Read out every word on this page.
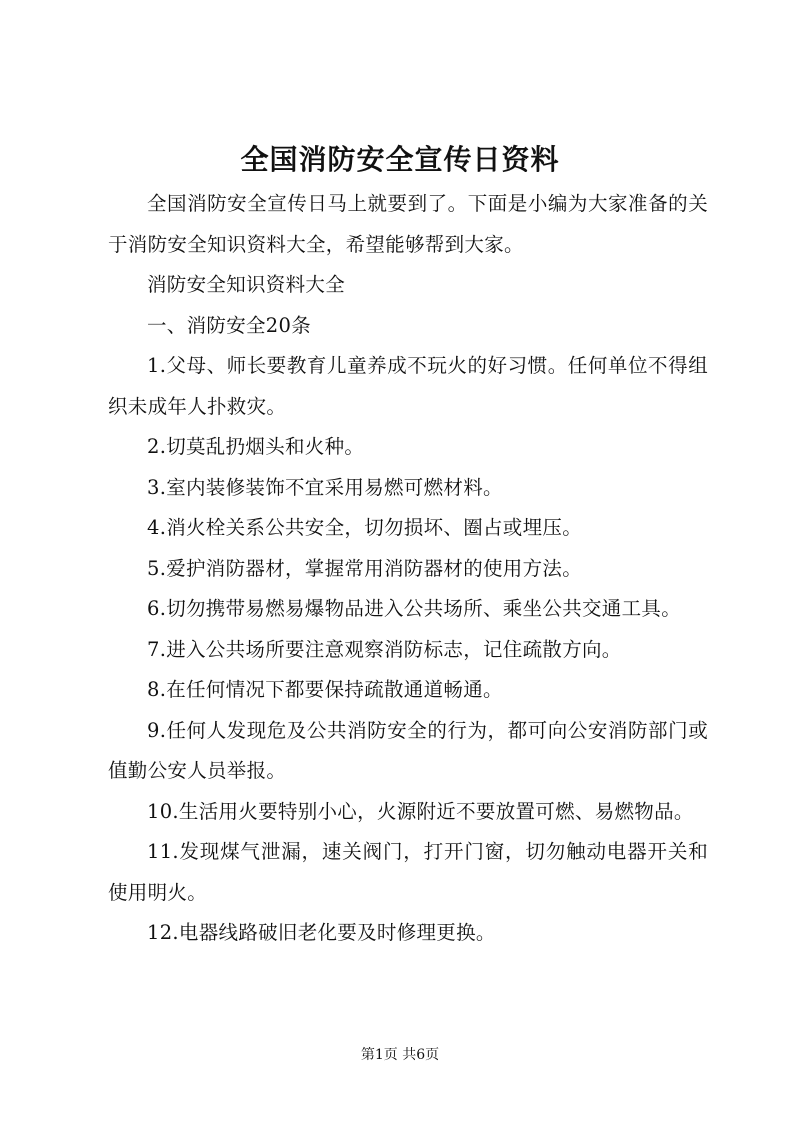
全国消防安全宣传日资料

全国消防安全宣传日马上就要到了。下面是小编为大家准备的关于消防安全知识资料大全，希望能够帮到大家。

消防安全知识资料大全

一、消防安全20条

1.父母、师长要教育儿童养成不玩火的好习惯。任何单位不得组织未成年人扑救灾。

2.切莫乱扔烟头和火种。

3.室内装修装饰不宜采用易燃可燃材料。

4.消火栓关系公共安全，切勿损坏、圈占或埋压。

5.爱护消防器材，掌握常用消防器材的使用方法。

6.切勿携带易燃易爆物品进入公共场所、乘坐公共交通工具。

7.进入公共场所要注意观察消防标志，记住疏散方向。

8.在任何情况下都要保持疏散通道畅通。

9.任何人发现危及公共消防安全的行为，都可向公安消防部门或值勤公安人员举报。

10.生活用火要特别小心，火源附近不要放置可燃、易燃物品。

11.发现煤气泄漏，速关阀门，打开门窗，切勿触动电器开关和使用明火。

12.电器线路破旧老化要及时修理更换。

第1页 共6页
